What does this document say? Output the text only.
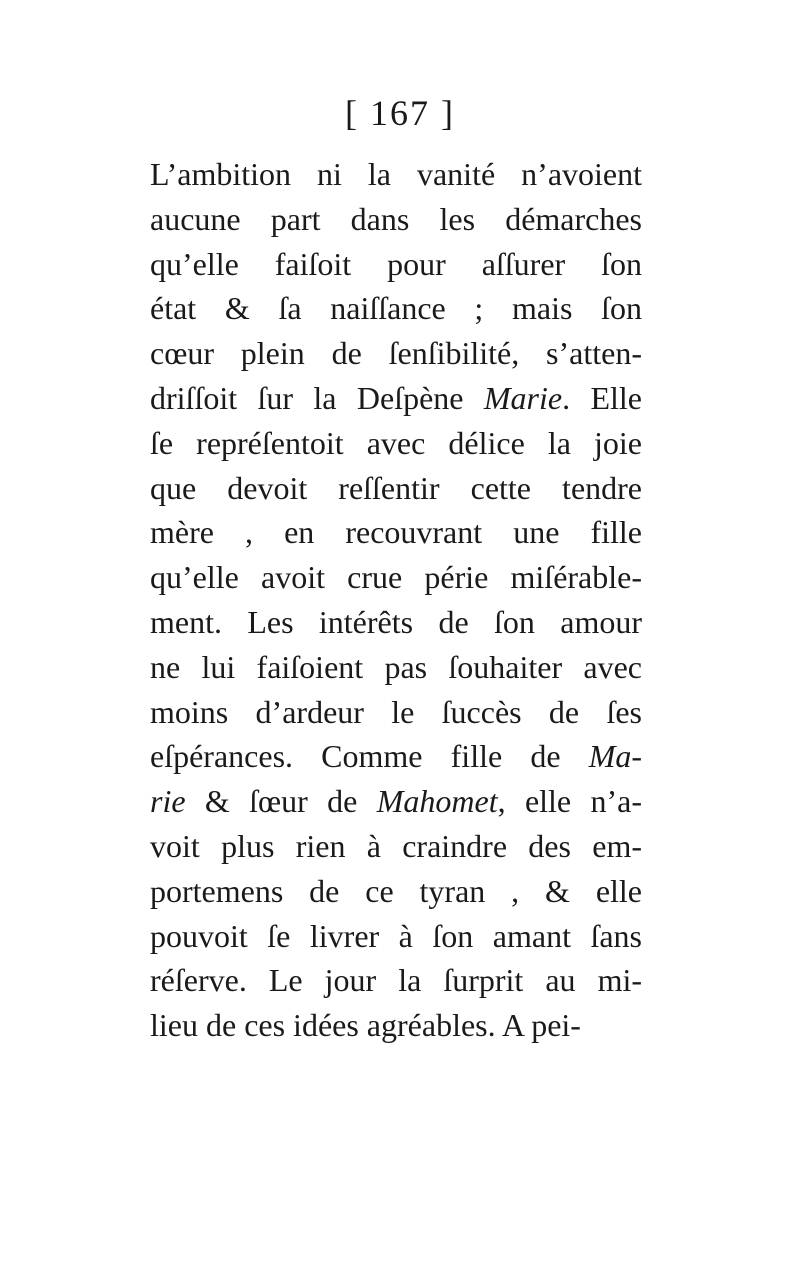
[ 167 ]
L’ambition ni la vanité n’avoient
aucune part dans les démarches
qu’elle faiſoit pour aſſurer ſon
état & ſa naiſſance ; mais ſon
cœur plein de ſenſibilité, s’atten-
driſſoit ſur la Deſpène Marie. Elle
ſe repréſentoit avec délice la joie
que devoit reſſentir cette tendre
mère , en recouvrant une fille
qu’elle avoit crue périe miſérable-
ment. Les intérêts de ſon amour
ne lui faiſoient pas ſouhaiter avec
moins d’ardeur le ſuccès de ſes
eſpérances. Comme fille de Ma-
rie & ſœur de Mahomet, elle n’a-
voit plus rien à craindre des em-
portemens de ce tyran , & elle
pouvoit ſe livrer à ſon amant ſans
réſerve. Le jour la ſurprit au mi-
lieu de ces idées agréables. A pei-
